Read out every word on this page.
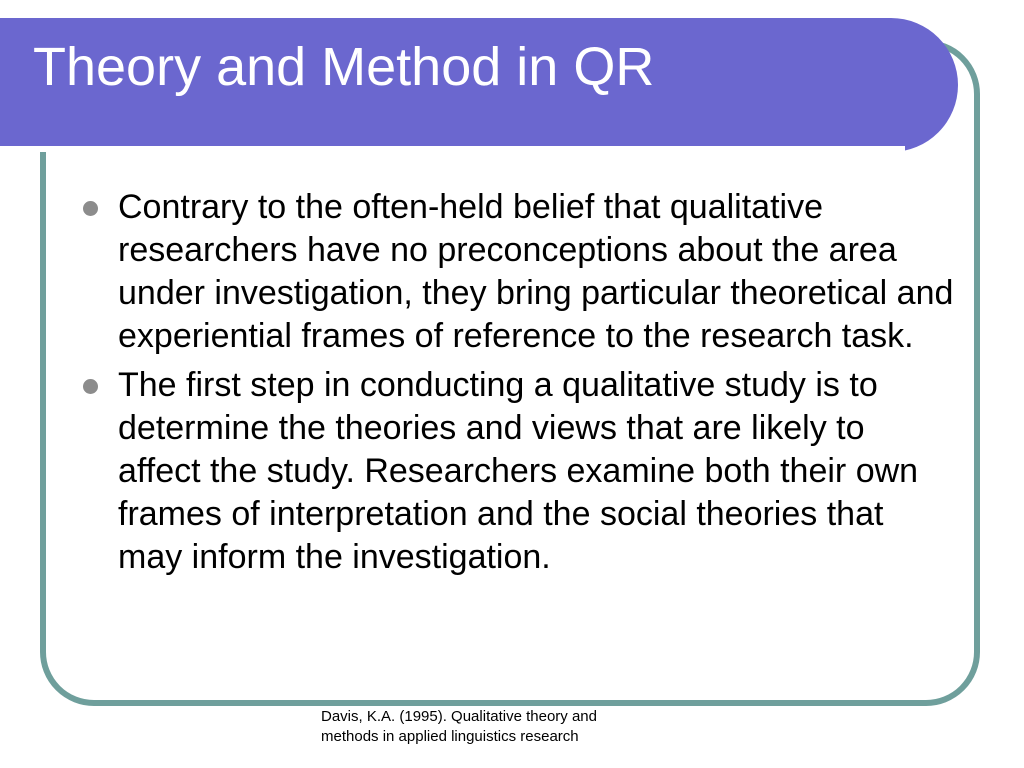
Theory and Method in QR
Contrary to the often-held belief that qualitative researchers have no preconceptions about the area under investigation, they bring particular theoretical and experiential frames of reference to the research task.
The first step in conducting a qualitative study is to determine the theories and views that are likely to affect the study. Researchers examine both their own frames of interpretation and the social theories that may inform the investigation.
Davis, K.A. (1995). Qualitative theory and
methods in applied linguistics research
